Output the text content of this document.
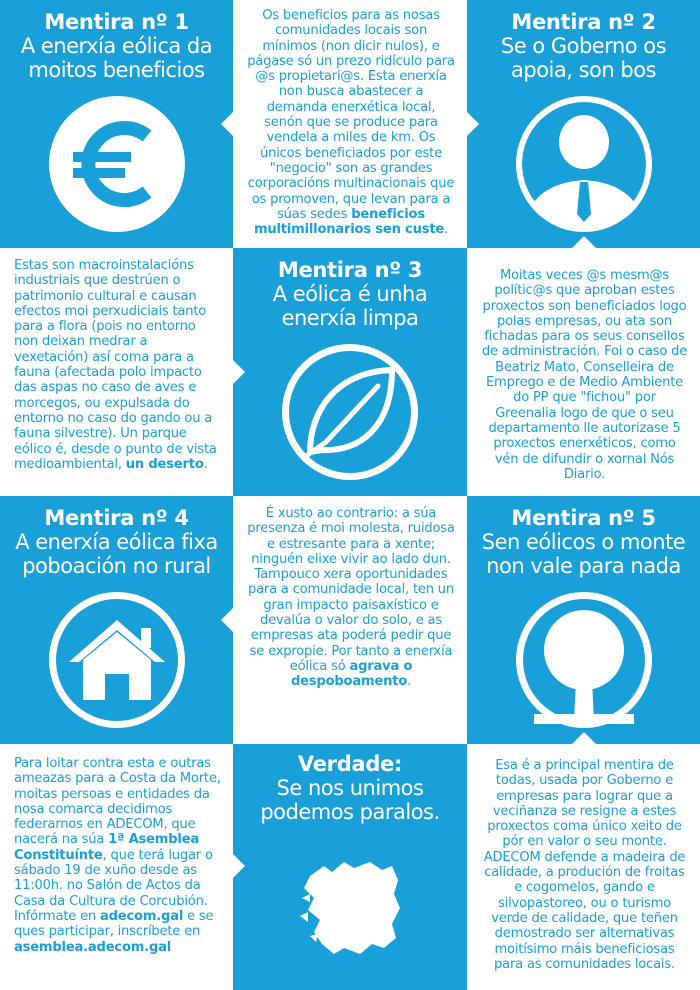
Mentira nº 1
A enerxía eólica da moitos beneficios
Os beneficios para as nosas comunidades locais son mínimos (non dicir nulos), e págase só un prezo ridículo para @s propietari@s. Esta enerxía non busca abastecer a demanda enerxética local, senón que se produce para vendela a miles de km. Os únicos beneficiados por este "negocio" son as grandes corporacións multinacionais que os promoven, que levan para a súas sedes beneficios multimillonarios sen custe.
Mentira nº 2
Se o Goberno os apoia, son bos
Estas son macroinstalacións industriais que destrúen o patrimonio cultural e causan efectos moi perxudiciais tanto para a flora (pois no entorno non deixan medrar a vexetación) así coma para a fauna (afectada polo impacto das aspas no caso de aves e morcegos, ou expulsada do entorno no caso do gando ou a fauna silvestre). Un parque eólico é, desde o punto de vista medioambiental, un deserto.
Mentira nº 3
A eólica é unha enerxía limpa
Moitas veces @s mesm@s polític@s que aproban estes proxectos son beneficiados logo polas empresas, ou ata son fichadas para os seus consellos de administración. Foi o caso de Beatriz Mato, Conselleira de Emprego e de Medio Ambiente do PP que "fichou" por Greenalia logo de que o seu departamento lle autorizase 5 proxectos enerxéticos, como vén de difundir o xornal Nós Diario.
Mentira nº 4
A enerxía eólica fixa poboación no rural
É xusto ao contrario: a súa presenza é moi molesta, ruidosa e estresante para a xente; ninguén elixe vivir ao lado dun. Tampouco xera oportunidades para a comunidade local, ten un gran impacto paisaxístico e devalúa o valor do solo, e as empresas ata poderá pedir que se expropie. Por tanto a enerxía eólica só agrava o despoboamento.
Mentira nº 5
Sen eólicos o monte non vale para nada
Para loitar contra esta e outras ameazas para a Costa da Morte, moitas persoas e entidades da nosa comarca decidimos federarnos en ADECOM, que nacerá na súa 1ª Asemblea Constituínte, que terá lugar o sábado 19 de xuño desde as 11:00h. no Salón de Actos da Casa da Cultura de Corcubión. Infórmate en adecom.gal e se ques participar, inscríbete en asemblea.adecom.gal
Verdade:
Se nos unimos podemos paralos.
Esa é a principal mentira de todas, usada por Goberno e empresas para lograr que a veciñanza se resigne a estes proxectos coma único xeito de pór en valor o seu monte. ADECOM defende a madeira de calidade, a produción de froitas e cogomelos, gando e silvopastoreo, ou o turismo verde de calidade, que teñen demostrado ser alternativas moitísimo máis beneficiosas para as comunidades locais.
